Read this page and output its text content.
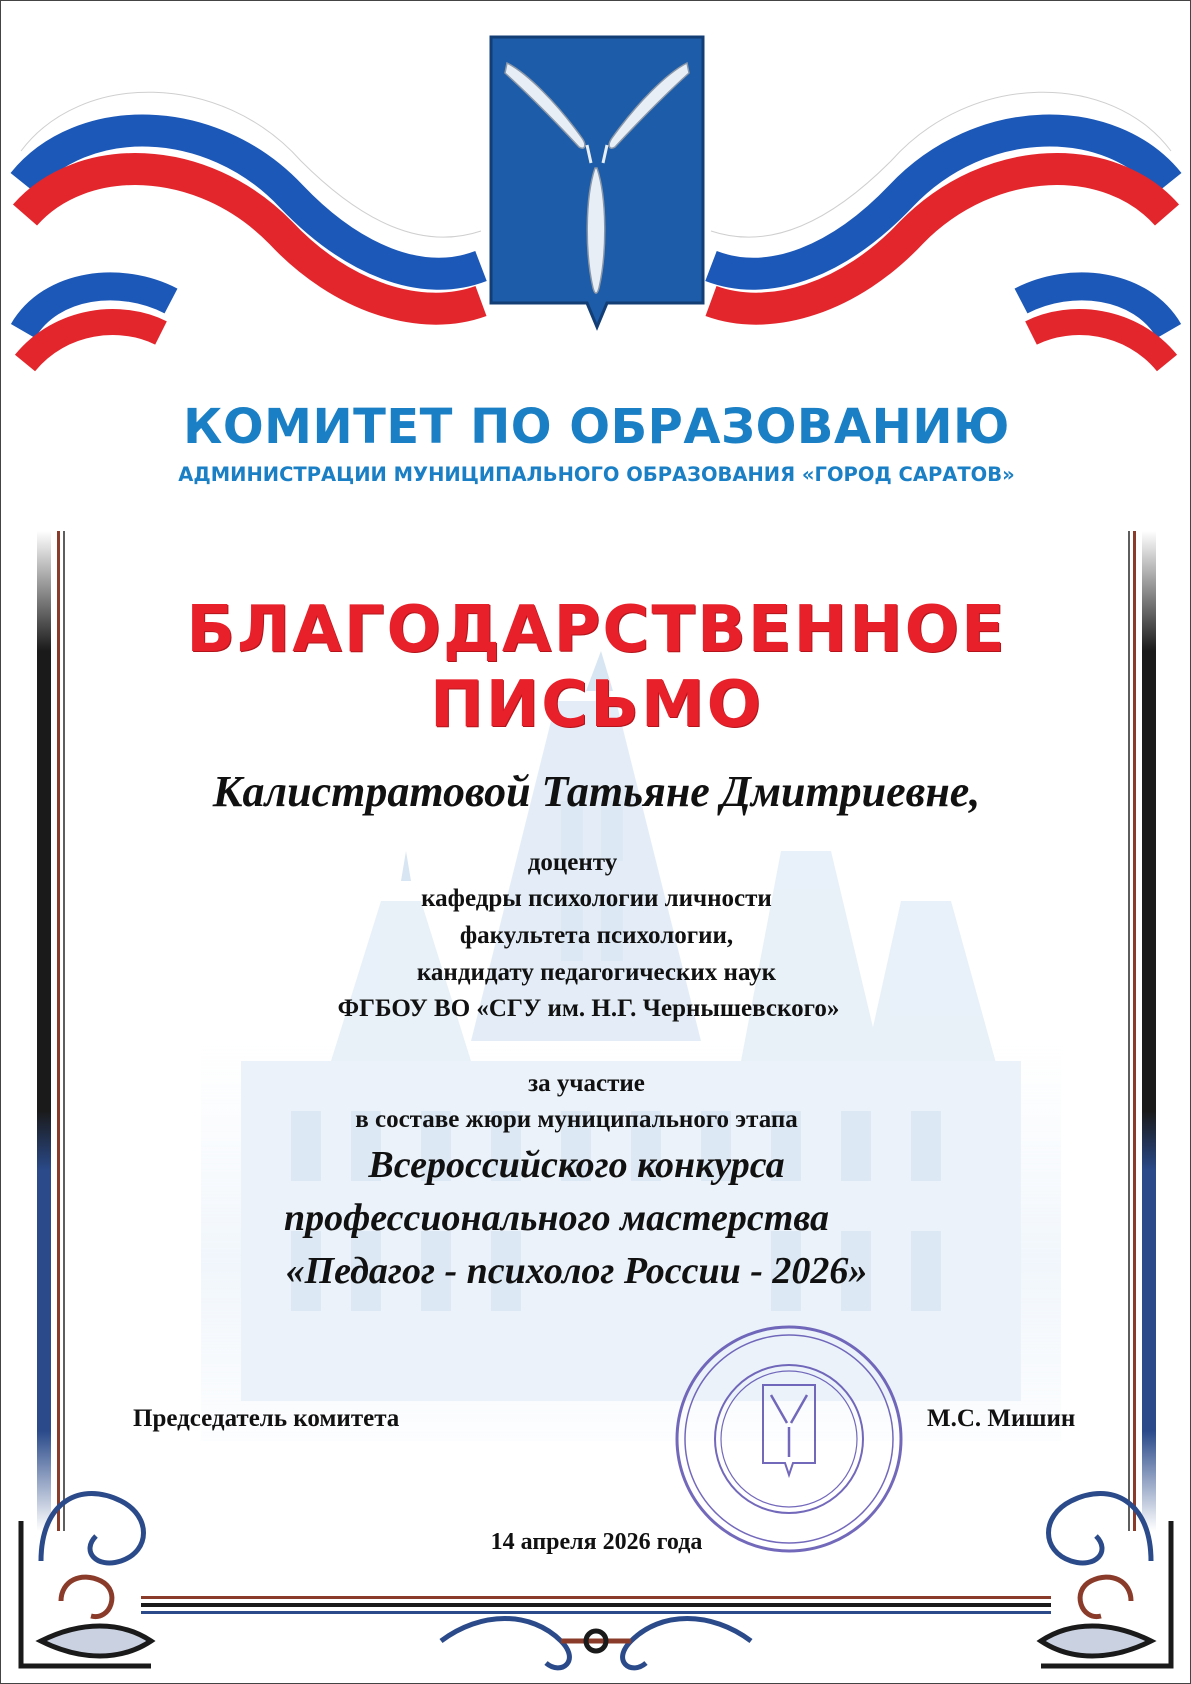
КОМИТЕТ ПО ОБРАЗОВАНИЮ

АДМИНИСТРАЦИИ МУНИЦИПАЛЬНОГО ОБРАЗОВАНИЯ «ГОРОД САРАТОВ»

БЛАГОДАРСТВЕННОЕ

ПИСЬМО

Калистратовой Татьяне Дмитриевне,

доценту

кафедры психологии личности

факультета психологии,

кандидату педагогических наук

ФГБОУ ВО «СГУ им. Н.Г. Чернышевского»

за участие

в составе жюри муниципального этапа

Всероссийского конкурса

профессионального мастерства

«Педагог - психолог России - 2026»

Председатель комитета	М.С. Мишин

14 апреля 2026 года
